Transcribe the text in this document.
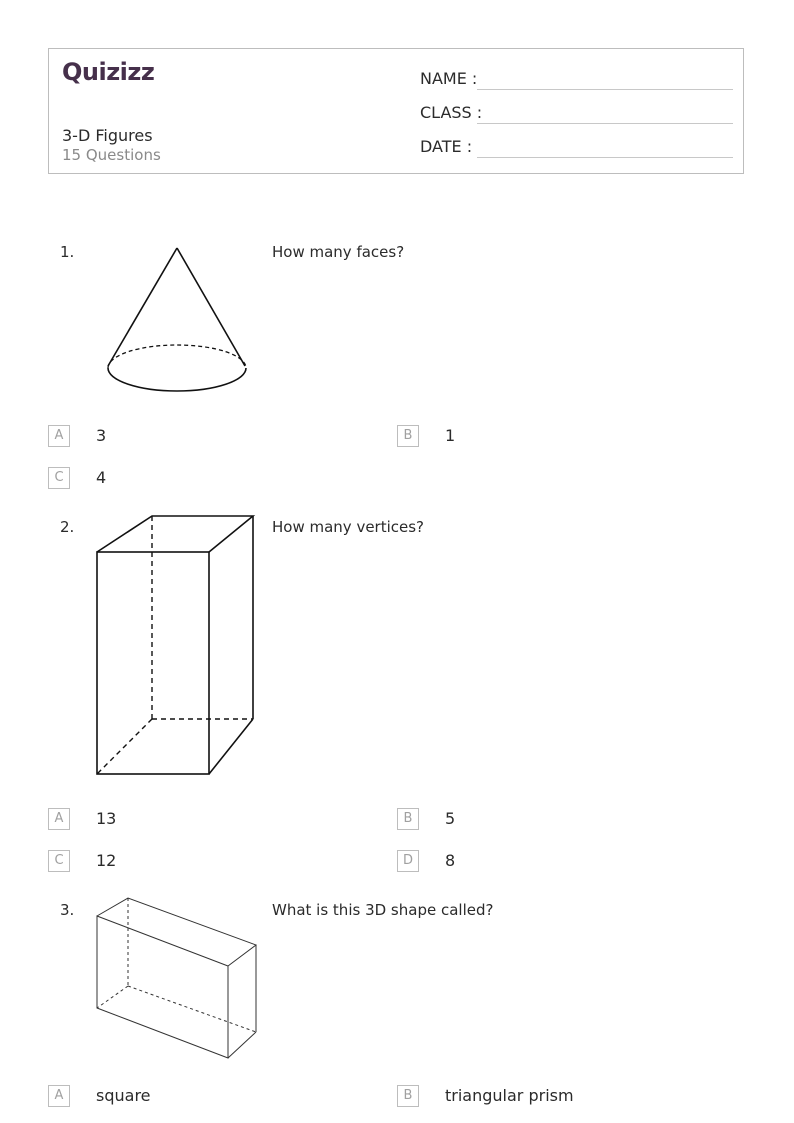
Quizizz
3-D Figures
15 Questions
NAME :
CLASS :
DATE :
1.	How many faces?
A	3	B	1
C	4
2.	How many vertices?
A	13	B	5
C	12	D	8
3.	What is this 3D shape called?
A	square	B	triangular prism
